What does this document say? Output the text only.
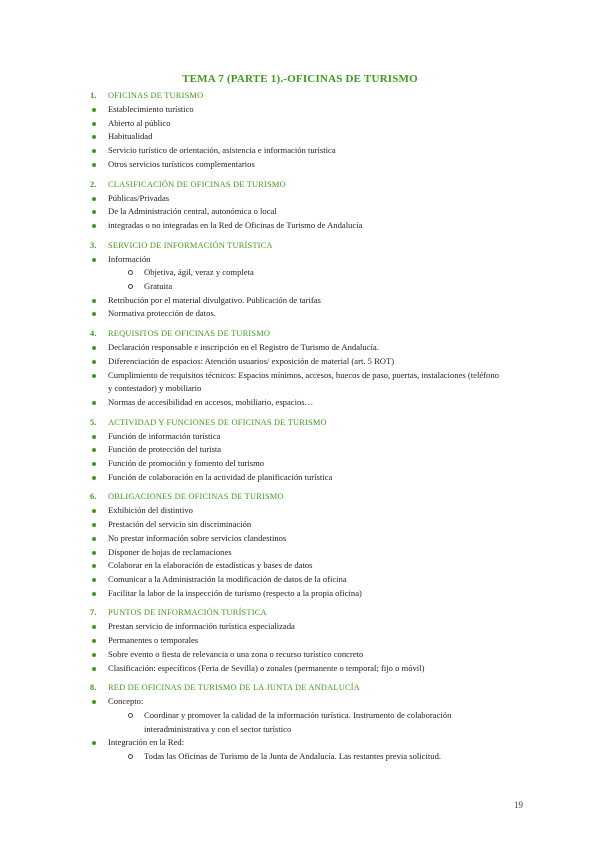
TEMA 7 (PARTE 1).-OFICINAS DE TURISMO
1. OFICINAS DE TURISMO
Establecimiento turístico
Abierto al público
Habitualidad
Servicio turístico de orientación, asistencia e información turística
Otros servicios turísticos complementarios
2. CLASIFICACIÓN DE OFICINAS DE TURISMO
Públicas/Privadas
De la Administración central, autonómica o local
integradas o no integradas en la Red de Oficinas de Turismo de Andalucía
3. SERVICIO DE INFORMACIÓN TURÍSTICA
Información
Objetiva, ágil, veraz y completa
Gratuita
Retribución por el material divulgativo. Publicación de tarifas
Normativa protección de datos.
4. REQUISITOS DE OFICINAS DE TURISMO
Declaración responsable e inscripción en el Registro de Turismo de Andalucía.
Diferenciación de espacios: Atención usuarios/ exposición de material (art. 5 ROT)
Cumplimiento de requisitos técnicos: Espacios mínimos, accesos, huecos de paso, puertas, instalaciones (teléfono y contestador) y mobiliario
Normas de accesibilidad en accesos, mobiliario, espacios…
5. ACTIVIDAD Y FUNCIONES DE OFICINAS DE TURISMO
Función de información turística
Función de protección del turista
Función de promoción y fomento del turismo
Función de colaboración en la actividad de planificación turística
6. OBLIGACIONES DE OFICINAS DE TURISMO
Exhibición del distintivo
Prestación del servicio sin discriminación
No prestar información sobre servicios clandestinos
Disponer de hojas de reclamaciones
Colaborar en la elaboración de estadísticas y bases de datos
Comunicar a la Administración la modificación de datos de la oficina
Facilitar la labor de la inspección de turismo (respecto a la propia oficina)
7. PUNTOS DE INFORMACIÓN TURÍSTICA
Prestan servicio de información turística especializada
Permanentes o temporales
Sobre evento o fiesta de relevancia o una zona o recurso turístico concreto
Clasificación: específicos (Feria de Sevilla) o zonales (permanente o temporal; fijo o móvil)
8. RED DE OFICINAS DE TURISMO DE LA JUNTA DE ANDALUCÍA
Concepto:
Coordinar y promover la calidad de la información turística. Instrumento de colaboración interadministrativa y con el sector turístico
Integración en la Red:
Todas las Oficinas de Turismo de la Junta de Andalucía. Las restantes previa solicitud.
19
